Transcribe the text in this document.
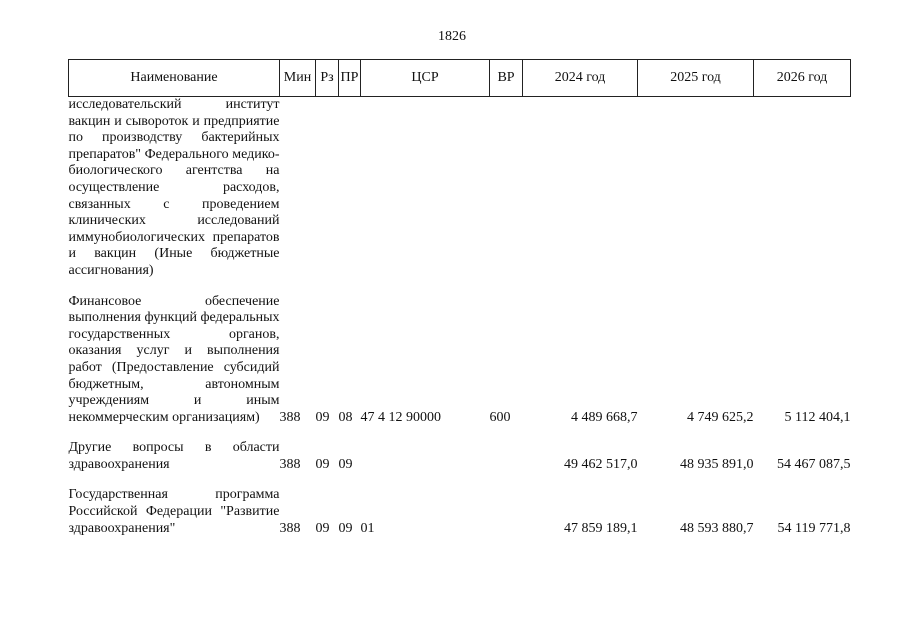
1826
Наименование	Мин	Рз	ПР	ЦСР	ВР	2024 год	2025 год	2026 год
исследовательский институт вакцин и сывороток и предприятие по производству бактерийных препаратов" Федерального медико-биологического агентства на осуществление расходов, связанных с проведением клинических исследований иммунобиологических препаратов и вакцин (Иные бюджетные ассигнования)								

Финансовое обеспечение выполнения функций федеральных государственных органов, оказания услуг и выполнения работ (Предоставление субсидий бюджетным, автономным учреждениям и иным некоммерческим организациям)	388	09	08	47 4 12 90000	600	4 489 668,7	4 749 625,2	5 112 404,1

Другие вопросы в области здравоохранения	388	09	09			49 462 517,0	48 935 891,0	54 467 087,5

Государственная программа Российской Федерации "Развитие здравоохранения"	388	09	09	01		47 859 189,1	48 593 880,7	54 119 771,8
